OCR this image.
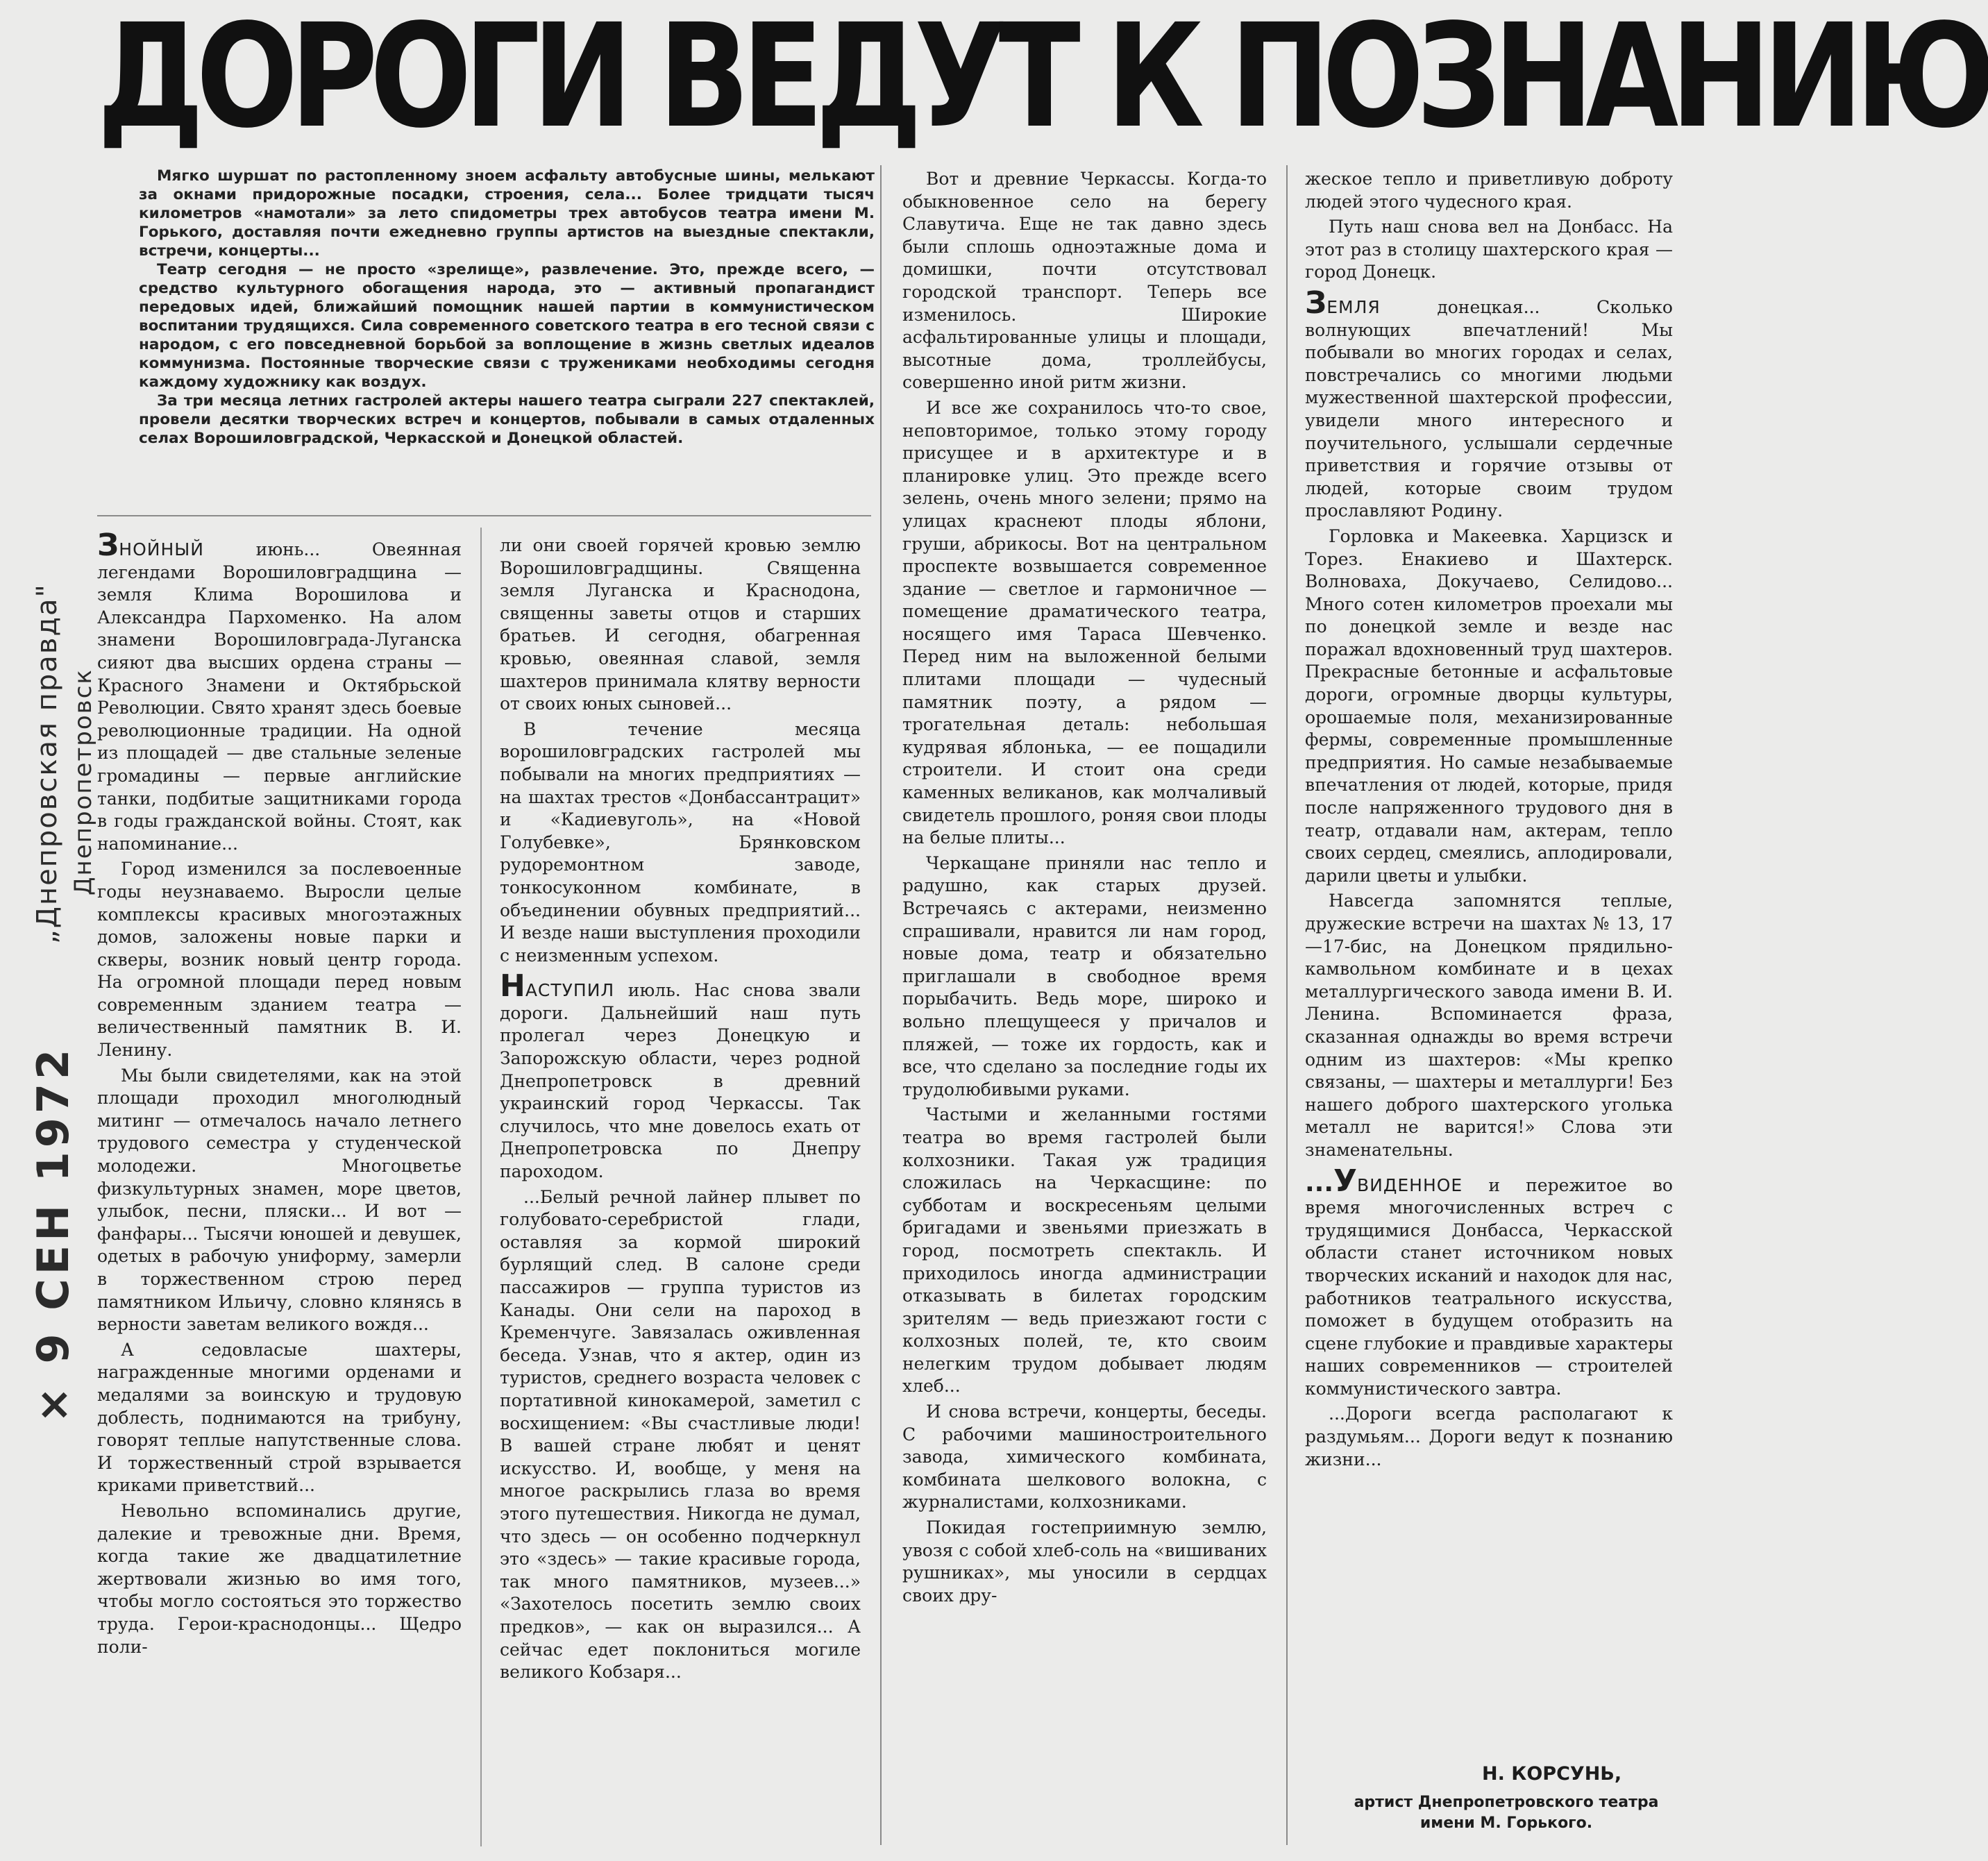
ДОРОГИ ВЕДУТ К ПОЗНАНИЮ
„Днепровская правда" Днепропетровск
× 9 СЕН 1972

Мягко шуршат по растопленному зноем асфальту автобусные шины, мелькают за окнами придорожные посадки, строения, села... Более тридцати тысяч километров «намотали» за лето спидометры трех автобусов театра имени М. Горького, доставляя почти ежедневно группы артистов на выездные спектакли, встречи, концерты...

Театр сегодня — не просто «зрелище», развлечение. Это, прежде всего, — средство культурного обогащения народа, это — активный пропагандист передовых идей, ближайший помощник нашей партии в коммунистическом воспитании трудящихся. Сила современного советского театра в его тесной связи с народом, с его повседневной борьбой за воплощение в жизнь светлых идеалов коммунизма. Постоянные творческие связи с тружениками необходимы сегодня каждому художнику как воздух.

За три месяца летних гастролей актеры нашего театра сыграли 227 спектаклей, провели десятки творческих встреч и концертов, побывали в самых отдаленных селах Ворошиловградской, Черкасской и Донецкой областей.

ЗНОЙНЫЙ июнь... Овеянная легендами Ворошиловградщина — земля Клима Ворошилова и Александра Пархоменко. На алом знамени Ворошиловграда-Луганска сияют два высших ордена страны — Красного Знамени и Октябрьской Революции. Свято хранят здесь боевые революционные традиции. На одной из площадей — две стальные зеленые громадины — первые английские танки, подбитые защитниками города в годы гражданской войны. Стоят, как напоминание...

Город изменился за послевоенные годы неузнаваемо. Выросли целые комплексы красивых многоэтажных домов, заложены новые парки и скверы, возник новый центр города. На огромной площади перед новым современным зданием театра — величественный памятник В. И. Ленину.

Мы были свидетелями, как на этой площади проходил многолюдный митинг — отмечалось начало летнего трудового семестра у студенческой молодежи. Многоцветье физкультурных знамен, море цветов, улыбок, песни, пляски... И вот — фанфары... Тысячи юношей и девушек, одетых в рабочую униформу, замерли в торжественном строю перед памятником Ильичу, словно клянясь в верности заветам великого вождя...

А седовласые шахтеры, награжденные многими орденами и медалями за воинскую и трудовую доблесть, поднимаются на трибуну, говорят теплые напутственные слова. И торжественный строй взрывается криками приветствий...

Невольно вспоминались другие, далекие и тревожные дни. Время, когда такие же двадцатилетние жертвовали жизнью во имя того, чтобы могло состояться это торжество труда. Герои-краснодонцы... Щедро поли-

ли они своей горячей кровью землю Ворошиловградщины. Священна земля Луганска и Краснодона, священны заветы отцов и старших братьев. И сегодня, обагренная кровью, овеянная славой, земля шахтеров принимала клятву верности от своих юных сыновей...

В течение месяца ворошиловградских гастролей мы побывали на многих предприятиях — на шахтах трестов «Донбассантрацит» и «Кадиевуголь», на «Новой Голубевке», Брянковском рудоремонтном заводе, тонкосуконном комбинате, в объединении обувных предприятий... И везде наши выступления проходили с неизменным успехом.

НАСТУПИЛ июль. Нас снова звали дороги. Дальнейший наш путь пролегал через Донецкую и Запорожскую области, через родной Днепропетровск в древний украинский город Черкассы. Так случилось, что мне довелось ехать от Днепропетровска по Днепру пароходом.

...Белый речной лайнер плывет по голубовато-серебристой глади, оставляя за кормой широкий бурлящий след. В салоне среди пассажиров — группа туристов из Канады. Они сели на пароход в Кременчуге. Завязалась оживленная беседа. Узнав, что я актер, один из туристов, среднего возраста человек с портативной кинокамерой, заметил с восхищением: «Вы счастливые люди! В вашей стране любят и ценят искусство. И, вообще, у меня на многое раскрылись глаза во время этого путешествия. Никогда не думал, что здесь — он особенно подчеркнул это «здесь» — такие красивые города, так много памятников, музеев...» «Захотелось посетить землю своих предков», — как он выразился... А сейчас едет поклониться могиле великого Кобзаря...

Вот и древние Черкассы. Когда-то обыкновенное село на берегу Славутича. Еще не так давно здесь были сплошь одноэтажные дома и домишки, почти отсутствовал городской транспорт. Теперь все изменилось. Широкие асфальтированные улицы и площади, высотные дома, троллейбусы, совершенно иной ритм жизни.

И все же сохранилось что-то свое, неповторимое, только этому городу присущее и в архитектуре и в планировке улиц. Это прежде всего зелень, очень много зелени; прямо на улицах краснеют плоды яблони, груши, абрикосы. Вот на центральном проспекте возвышается современное здание — светлое и гармоничное — помещение драматического театра, носящего имя Тараса Шевченко. Перед ним на выложенной белыми плитами площади — чудесный памятник поэту, а рядом — трогательная деталь: небольшая кудрявая яблонька, — ее пощадили строители. И стоит она среди каменных великанов, как молчаливый свидетель прошлого, роняя свои плоды на белые плиты...

Черкащане приняли нас тепло и радушно, как старых друзей. Встречаясь с актерами, неизменно спрашивали, нравится ли нам город, новые дома, театр и обязательно приглашали в свободное время порыбачить. Ведь море, широко и вольно плещущееся у причалов и пляжей, — тоже их гордость, как и все, что сделано за последние годы их трудолюбивыми руками.

Частыми и желанными гостями театра во время гастролей были колхозники. Такая уж традиция сложилась на Черкасщине: по субботам и воскресеньям целыми бригадами и звеньями приезжать в город, посмотреть спектакль. И приходилось иногда администрации отказывать в билетах городским зрителям — ведь приезжают гости с колхозных полей, те, кто своим нелегким трудом добывает людям хлеб...

И снова встречи, концерты, беседы. С рабочими машиностроительного завода, химического комбината, комбината шелкового волокна, с журналистами, колхозниками.

Покидая гостеприимную землю, увозя с собой хлеб-соль на «вишиваних рушниках», мы уносили в сердцах своих дру-

жеское тепло и приветливую доброту людей этого чудесного края.

Путь наш снова вел на Донбасс. На этот раз в столицу шахтерского края — город Донецк.

ЗЕМЛЯ донецкая... Сколько волнующих впечатлений! Мы побывали во многих городах и селах, повстречались со многими людьми мужественной шахтерской профессии, увидели много интересного и поучительного, услышали сердечные приветствия и горячие отзывы от людей, которые своим трудом прославляют Родину.

Горловка и Макеевка. Харцизск и Торез. Енакиево и Шахтерск. Волноваха, Докучаево, Селидово... Много сотен километров проехали мы по донецкой земле и везде нас поражал вдохновенный труд шахтеров. Прекрасные бетонные и асфальтовые дороги, огромные дворцы культуры, орошаемые поля, механизированные фермы, современные промышленные предприятия. Но самые незабываемые впечатления от людей, которые, придя после напряженного трудового дня в театр, отдавали нам, актерам, тепло своих сердец, смеялись, аплодировали, дарили цветы и улыбки.

Навсегда запомнятся теплые, дружеские встречи на шахтах № 13, 17—17-бис, на Донецком прядильно-камвольном комбинате и в цехах металлургического завода имени В. И. Ленина. Вспоминается фраза, сказанная однажды во время встречи одним из шахтеров: «Мы крепко связаны, — шахтеры и металлурги! Без нашего доброго шахтерского уголька металл не варится!» Слова эти знаменательны.

...УВИДЕННОЕ и пережитое во время многочисленных встреч с трудящимися Донбасса, Черкасской области станет источником новых творческих исканий и находок для нас, работников театрального искусства, поможет в будущем отобразить на сцене глубокие и правдивые характеры наших современников — строителей коммунистического завтра.

...Дороги всегда располагают к раздумьям... Дороги ведут к познанию жизни...

Н. КОРСУНЬ,

артист Днепропетровского театра имени М. Горького.
